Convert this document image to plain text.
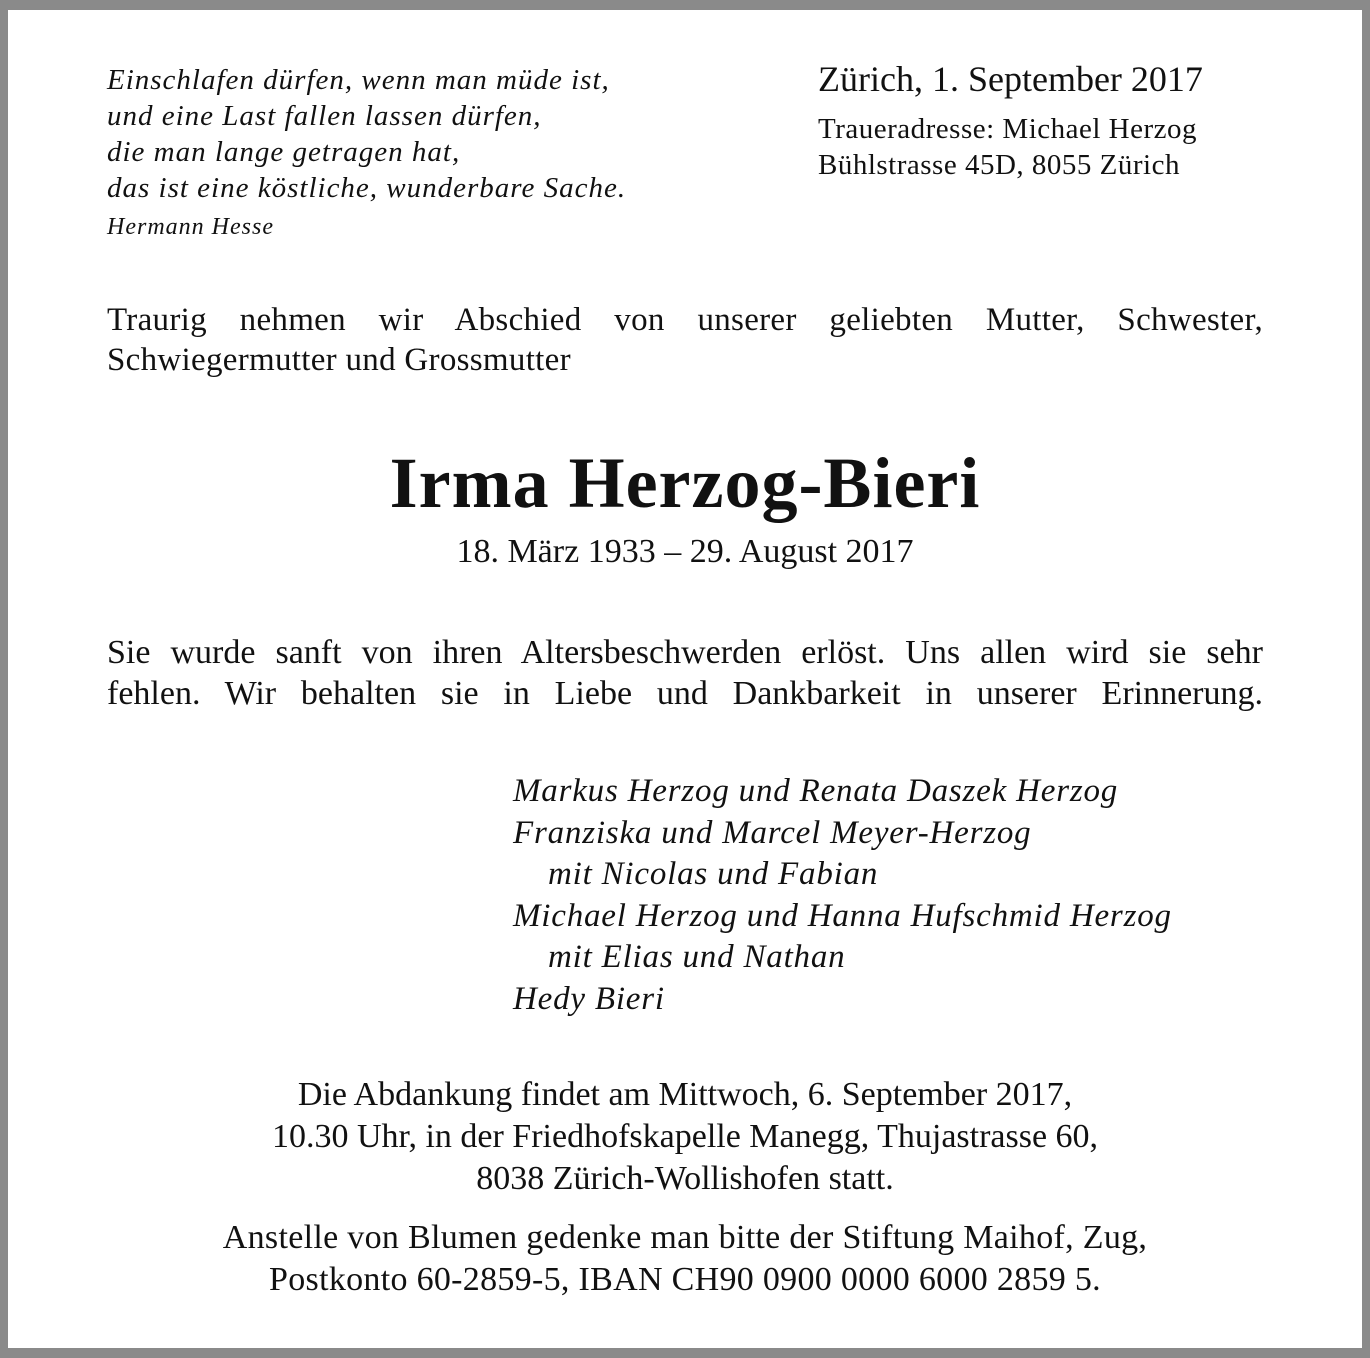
Einschlafen dürfen, wenn man müde ist,
und eine Last fallen lassen dürfen,
die man lange getragen hat,
das ist eine köstliche, wunderbare Sache.
Hermann Hesse
Zürich, 1. September 2017
Traueradresse: Michael Herzog
Bühlstrasse 45D, 8055 Zürich
Traurig nehmen wir Abschied von unserer geliebten Mutter, Schwester,
Schwiegermutter und Grossmutter
Irma Herzog-Bieri
18. März 1933 – 29. August 2017
Sie wurde sanft von ihren Altersbeschwerden erlöst. Uns allen wird sie sehr
fehlen. Wir behalten sie in Liebe und Dankbarkeit in unserer Erinnerung.
Markus Herzog und Renata Daszek Herzog
Franziska und Marcel Meyer-Herzog
mit Nicolas und Fabian
Michael Herzog und Hanna Hufschmid Herzog
mit Elias und Nathan
Hedy Bieri
Die Abdankung findet am Mittwoch, 6. September 2017,
10.30 Uhr, in der Friedhofskapelle Manegg, Thujastrasse 60,
8038 Zürich-Wollishofen statt.
Anstelle von Blumen gedenke man bitte der Stiftung Maihof, Zug,
Postkonto 60-2859-5, IBAN CH90 0900 0000 6000 2859 5.
